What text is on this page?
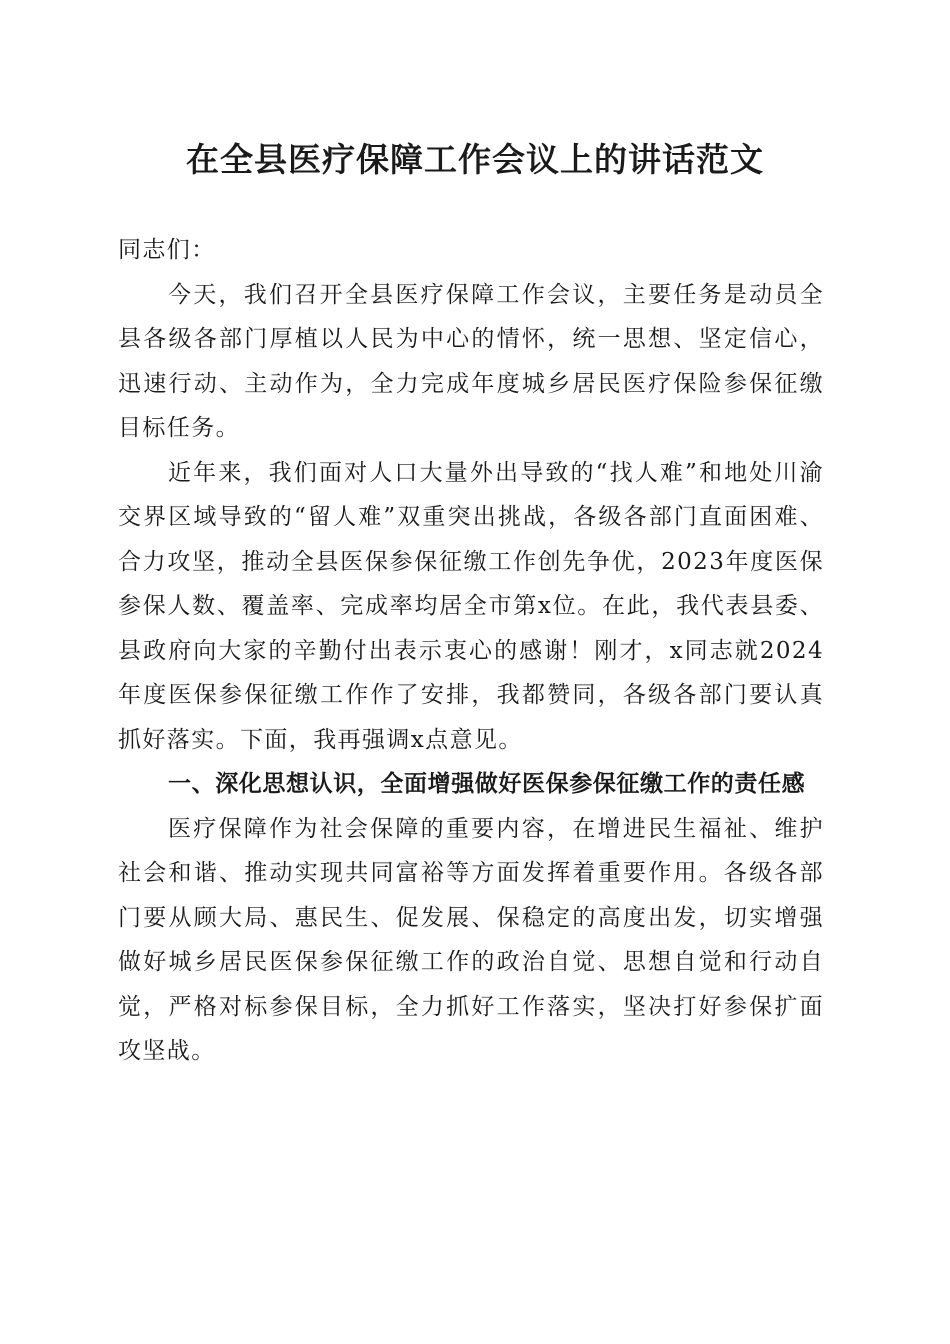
在全县医疗保障工作会议上的讲话范文

同志们：

今天，我们召开全县医疗保障工作会议，主要任务是动员全县各级各部门厚植以人民为中心的情怀，统一思想、坚定信心，迅速行动、主动作为，全力完成年度城乡居民医疗保险参保征缴目标任务。

近年来，我们面对人口大量外出导致的“找人难”和地处川渝交界区域导致的“留人难”双重突出挑战，各级各部门直面困难、合力攻坚，推动全县医保参保征缴工作创先争优，2023年度医保参保人数、覆盖率、完成率均居全市第x位。在此，我代表县委、县政府向大家的辛勤付出表示衷心的感谢！刚才，x同志就2024年度医保参保征缴工作作了安排，我都赞同，各级各部门要认真抓好落实。下面，我再强调x点意见。

一、深化思想认识，全面增强做好医保参保征缴工作的责任感

医疗保障作为社会保障的重要内容，在增进民生福祉、维护社会和谐、推动实现共同富裕等方面发挥着重要作用。各级各部门要从顾大局、惠民生、促发展、保稳定的高度出发，切实增强做好城乡居民医保参保征缴工作的政治自觉、思想自觉和行动自觉，严格对标参保目标，全力抓好工作落实，坚决打好参保扩面攻坚战。
